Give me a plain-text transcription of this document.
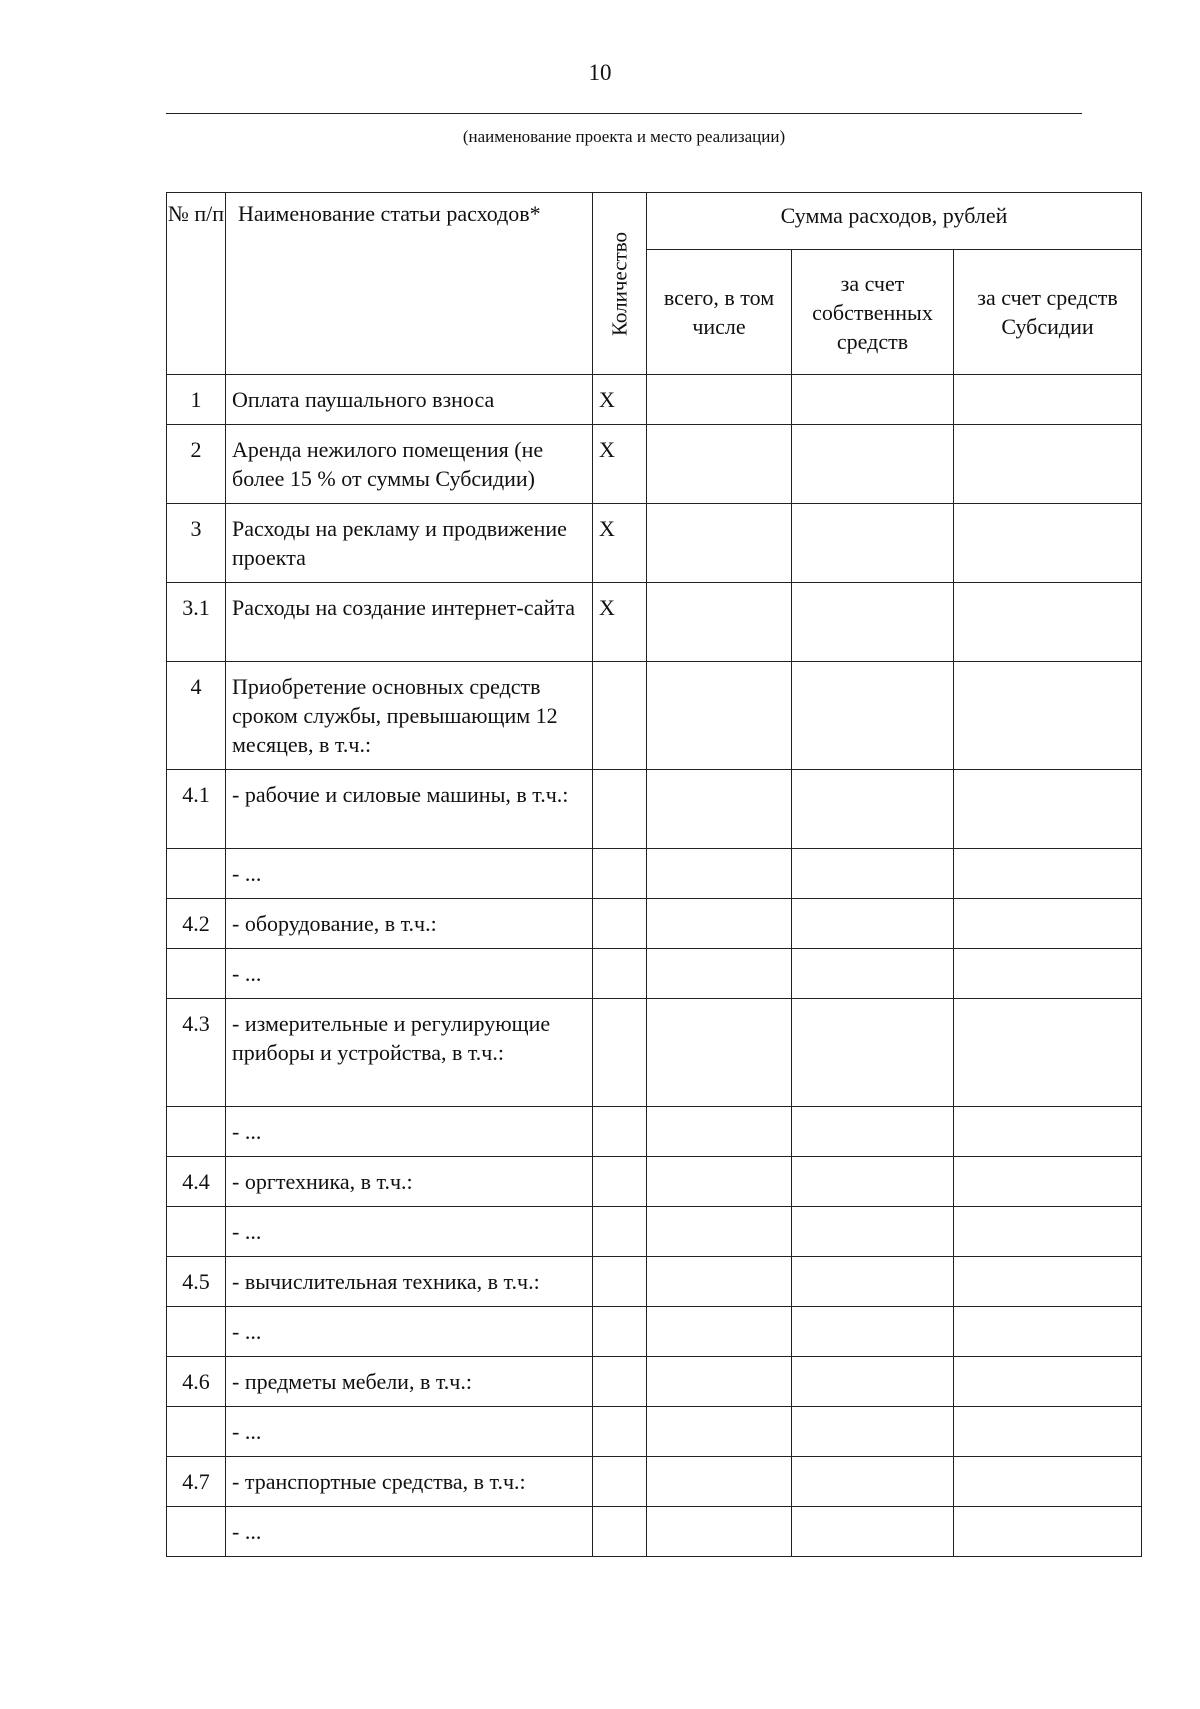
10
(наименование проекта и место реализации)
№ п/п	Наименование статьи расходов*	Количество	Сумма расходов, рублей		
			всего, в том числе	за счет собственных средств	за счет средств Субсидии
1	Оплата паушального взноса	Х			
2	Аренда нежилого помещения (не более 15 % от суммы Субсидии)	Х			
3	Расходы на рекламу и продвижение проекта	Х			
3.1	Расходы на создание интернет-сайта	Х			
4	Приобретение основных средств сроком службы, превышающим 12 месяцев, в т.ч.:				
4.1	- рабочие и силовые машины, в т.ч.:				
	- ...				
4.2	- оборудование, в т.ч.:				
	- ...				
4.3	- измерительные и регулирующие приборы и устройства, в т.ч.:				
	- ...				
4.4	- оргтехника, в т.ч.:				
	- ...				
4.5	- вычислительная техника, в т.ч.:				
	- ...				
4.6	- предметы мебели, в т.ч.:				
	- ...				
4.7	- транспортные средства, в т.ч.:				
	- ...				
